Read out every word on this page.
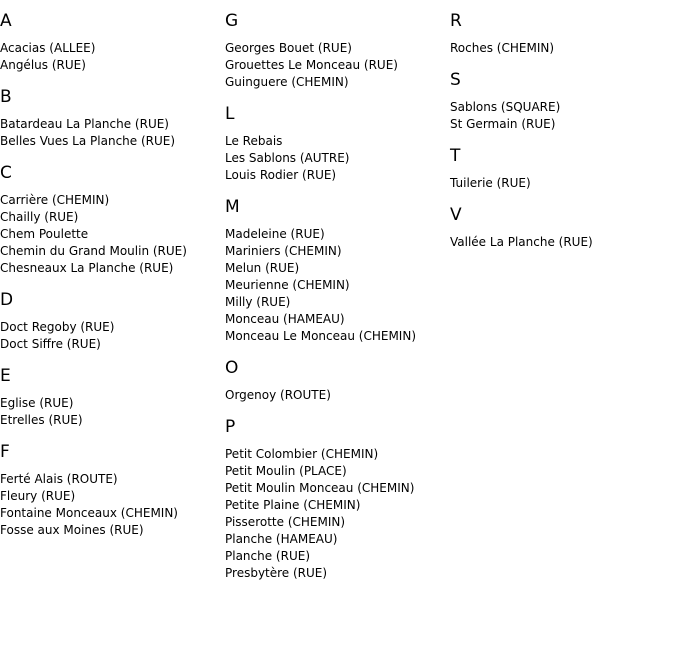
A
Acacias (ALLEE)
Angélus (RUE)
B
Batardeau La Planche (RUE)
Belles Vues La Planche (RUE)
C
Carrière (CHEMIN)
Chailly (RUE)
Chem Poulette
Chemin du Grand Moulin (RUE)
Chesneaux La Planche (RUE)
D
Doct Regoby (RUE)
Doct Siffre (RUE)
E
Eglise (RUE)
Etrelles (RUE)
F
Ferté Alais (ROUTE)
Fleury (RUE)
Fontaine Monceaux (CHEMIN)
Fosse aux Moines (RUE)
G
Georges Bouet (RUE)
Grouettes Le Monceau (RUE)
Guinguere (CHEMIN)
L
Le Rebais
Les Sablons (AUTRE)
Louis Rodier (RUE)
M
Madeleine (RUE)
Mariniers (CHEMIN)
Melun (RUE)
Meurienne (CHEMIN)
Milly (RUE)
Monceau (HAMEAU)
Monceau Le Monceau (CHEMIN)
O
Orgenoy (ROUTE)
P
Petit Colombier (CHEMIN)
Petit Moulin (PLACE)
Petit Moulin Monceau (CHEMIN)
Petite Plaine (CHEMIN)
Pisserotte (CHEMIN)
Planche (HAMEAU)
Planche (RUE)
Presbytère (RUE)
R
Roches (CHEMIN)
S
Sablons (SQUARE)
St Germain (RUE)
T
Tuilerie (RUE)
V
Vallée La Planche (RUE)
